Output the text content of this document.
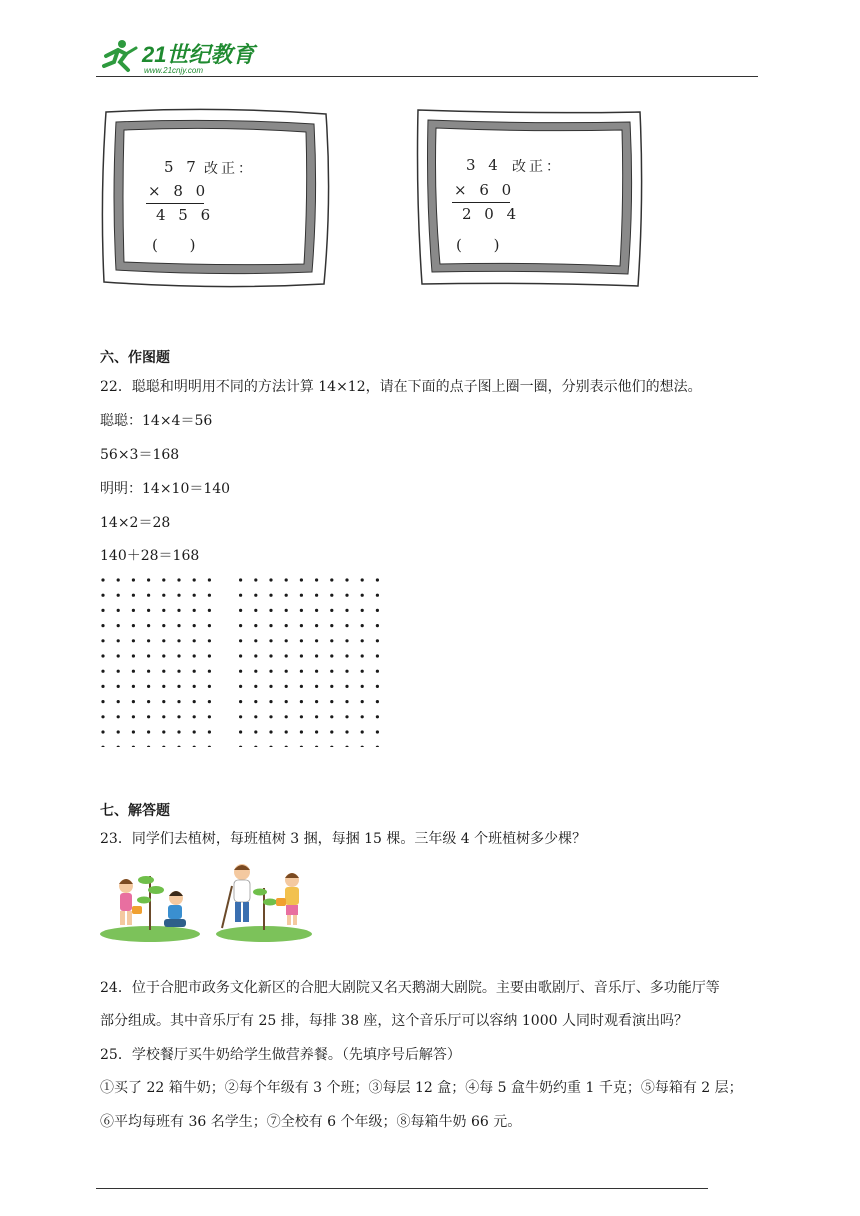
21世纪教育
www.21cnjy.com
5 7 改正：
× 8 0
4 5 6
(　 )
3 4 改正：
× 6 0
2 0 4
(　 )
六、作图题
22．聪聪和明明用不同的方法计算 14×12，请在下面的点子图上圈一圈，分别表示他们的想法。
聪聪：14×4＝56
56×3＝168
明明：14×10＝140
14×2＝28
140＋28＝168
七、解答题
23．同学们去植树，每班植树 3 捆，每捆 15 棵。三年级 4 个班植树多少棵？
24．位于合肥市政务文化新区的合肥大剧院又名天鹅湖大剧院。主要由歌剧厅、音乐厅、多功能厅等
部分组成。其中音乐厅有 25 排，每排 38 座，这个音乐厅可以容纳 1000 人同时观看演出吗？
25．学校餐厅买牛奶给学生做营养餐。（先填序号后解答）
①买了 22 箱牛奶；②每个年级有 3 个班；③每层 12 盒；④每 5 盒牛奶约重 1 千克；⑤每箱有 2 层；
⑥平均每班有 36 名学生；⑦全校有 6 个年级；⑧每箱牛奶 66 元。
